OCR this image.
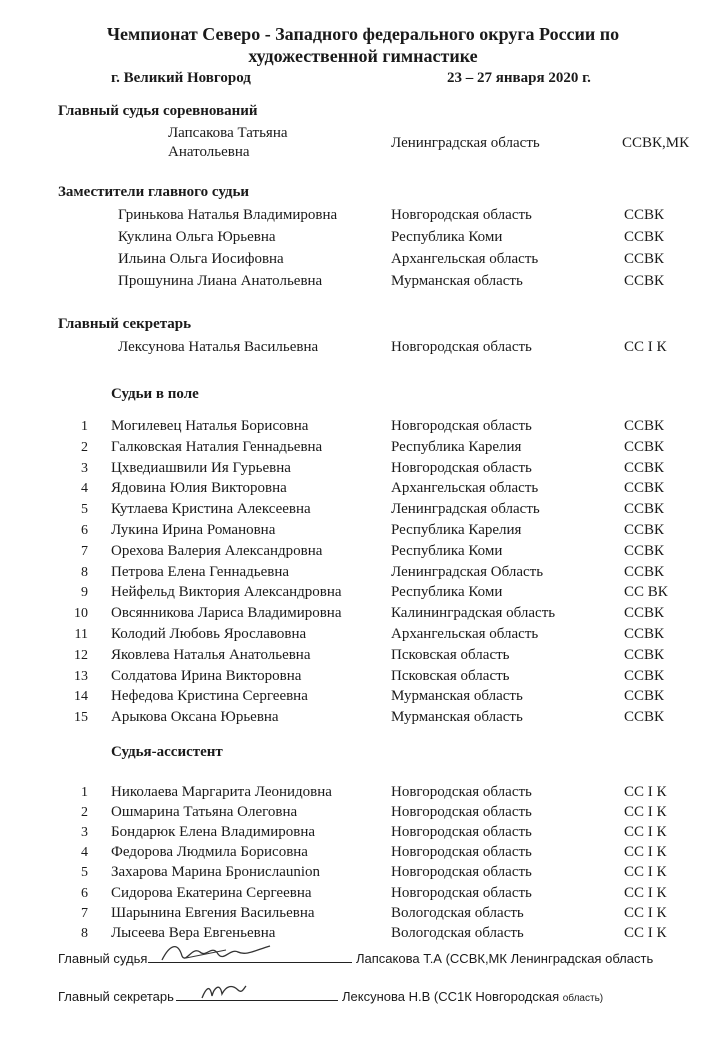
Чемпионат Северо - Западного федерального округа России по
художественной гимнастике
г. Великий Новгород	23 – 27 января 2020 г.
Главный судья соревнований
Лапсакова Татьяна
Анатольевна
Ленинградская область	ССВК,МК
Заместители главного судьи
Гринькова Наталья Владимировна	Новгородская область	ССВК
Куклина Ольга Юрьевна	Республика Коми	ССВК
Ильина Ольга Иосифовна	Архангельская область	ССВК
Прошунина Лиана Анатольевна	Мурманская область	ССВК
Главный секретарь
Лексунова Наталья Васильевна	Новгородская область	СС I К
Судьи в поле
1 Могилевец Наталья Борисовна	Новгородская область	ССВК
2 Галковская Наталия Геннадьевна	Республика Карелия	ССВК
3 Цхведиашвили Ия Гурьевна	Новгородская область	ССВК
4 Ядовина Юлия Викторовна	Архангельская область	ССВК
5 Кутлаева Кристина Алексеевна	Ленинградская область	ССВК
6 Лукина Ирина Романовна	Республика Карелия	ССВК
7 Орехова Валерия Александровна	Республика Коми	ССВК
8 Петрова Елена Геннадьевна	Ленинградская Область	ССВК
9 Нейфельд Виктория Александровна	Республика Коми	СС ВК
10 Овсянникова Лариса Владимировна	Калининградская область	ССВК
11 Колодий Любовь Ярославовна	Архангельская область	ССВК
12 Яковлева Наталья Анатольевна	Псковская область	ССВК
13 Солдатова Ирина Викторовна	Псковская область	ССВК
14 Нефедова Кристина Сергеевна	Мурманская область	ССВК
15 Арыкова Оксана Юрьевна	Мурманская область	ССВК
Судья-ассистент
1 Николаева Маргарита Леонидовна	Новгородская область	СС I К
2 Ошмарина Татьяна Олеговна	Новгородская область	СС I К
3 Бондарюк Елена Владимировна	Новгородская область	СС I К
4 Федорова Людмила Борисовна	Новгородская область	СС I К
5 Захарова Марина Бронислаunion	Новгородская область	СС I К
6 Сидорова Екатерина Сергеевна	Новгородская область	СС I К
7 Шарынина Евгения Васильевна	Вологодская область	СС I К
8 Лысеева Вера Евгеньевна	Вологодская область	СС I К
Главный судья	Лапсакова Т.А (ССВК,МК Ленинградская область
Главный секретарь	Лексунова Н.В (СС1К Новгородская область)
